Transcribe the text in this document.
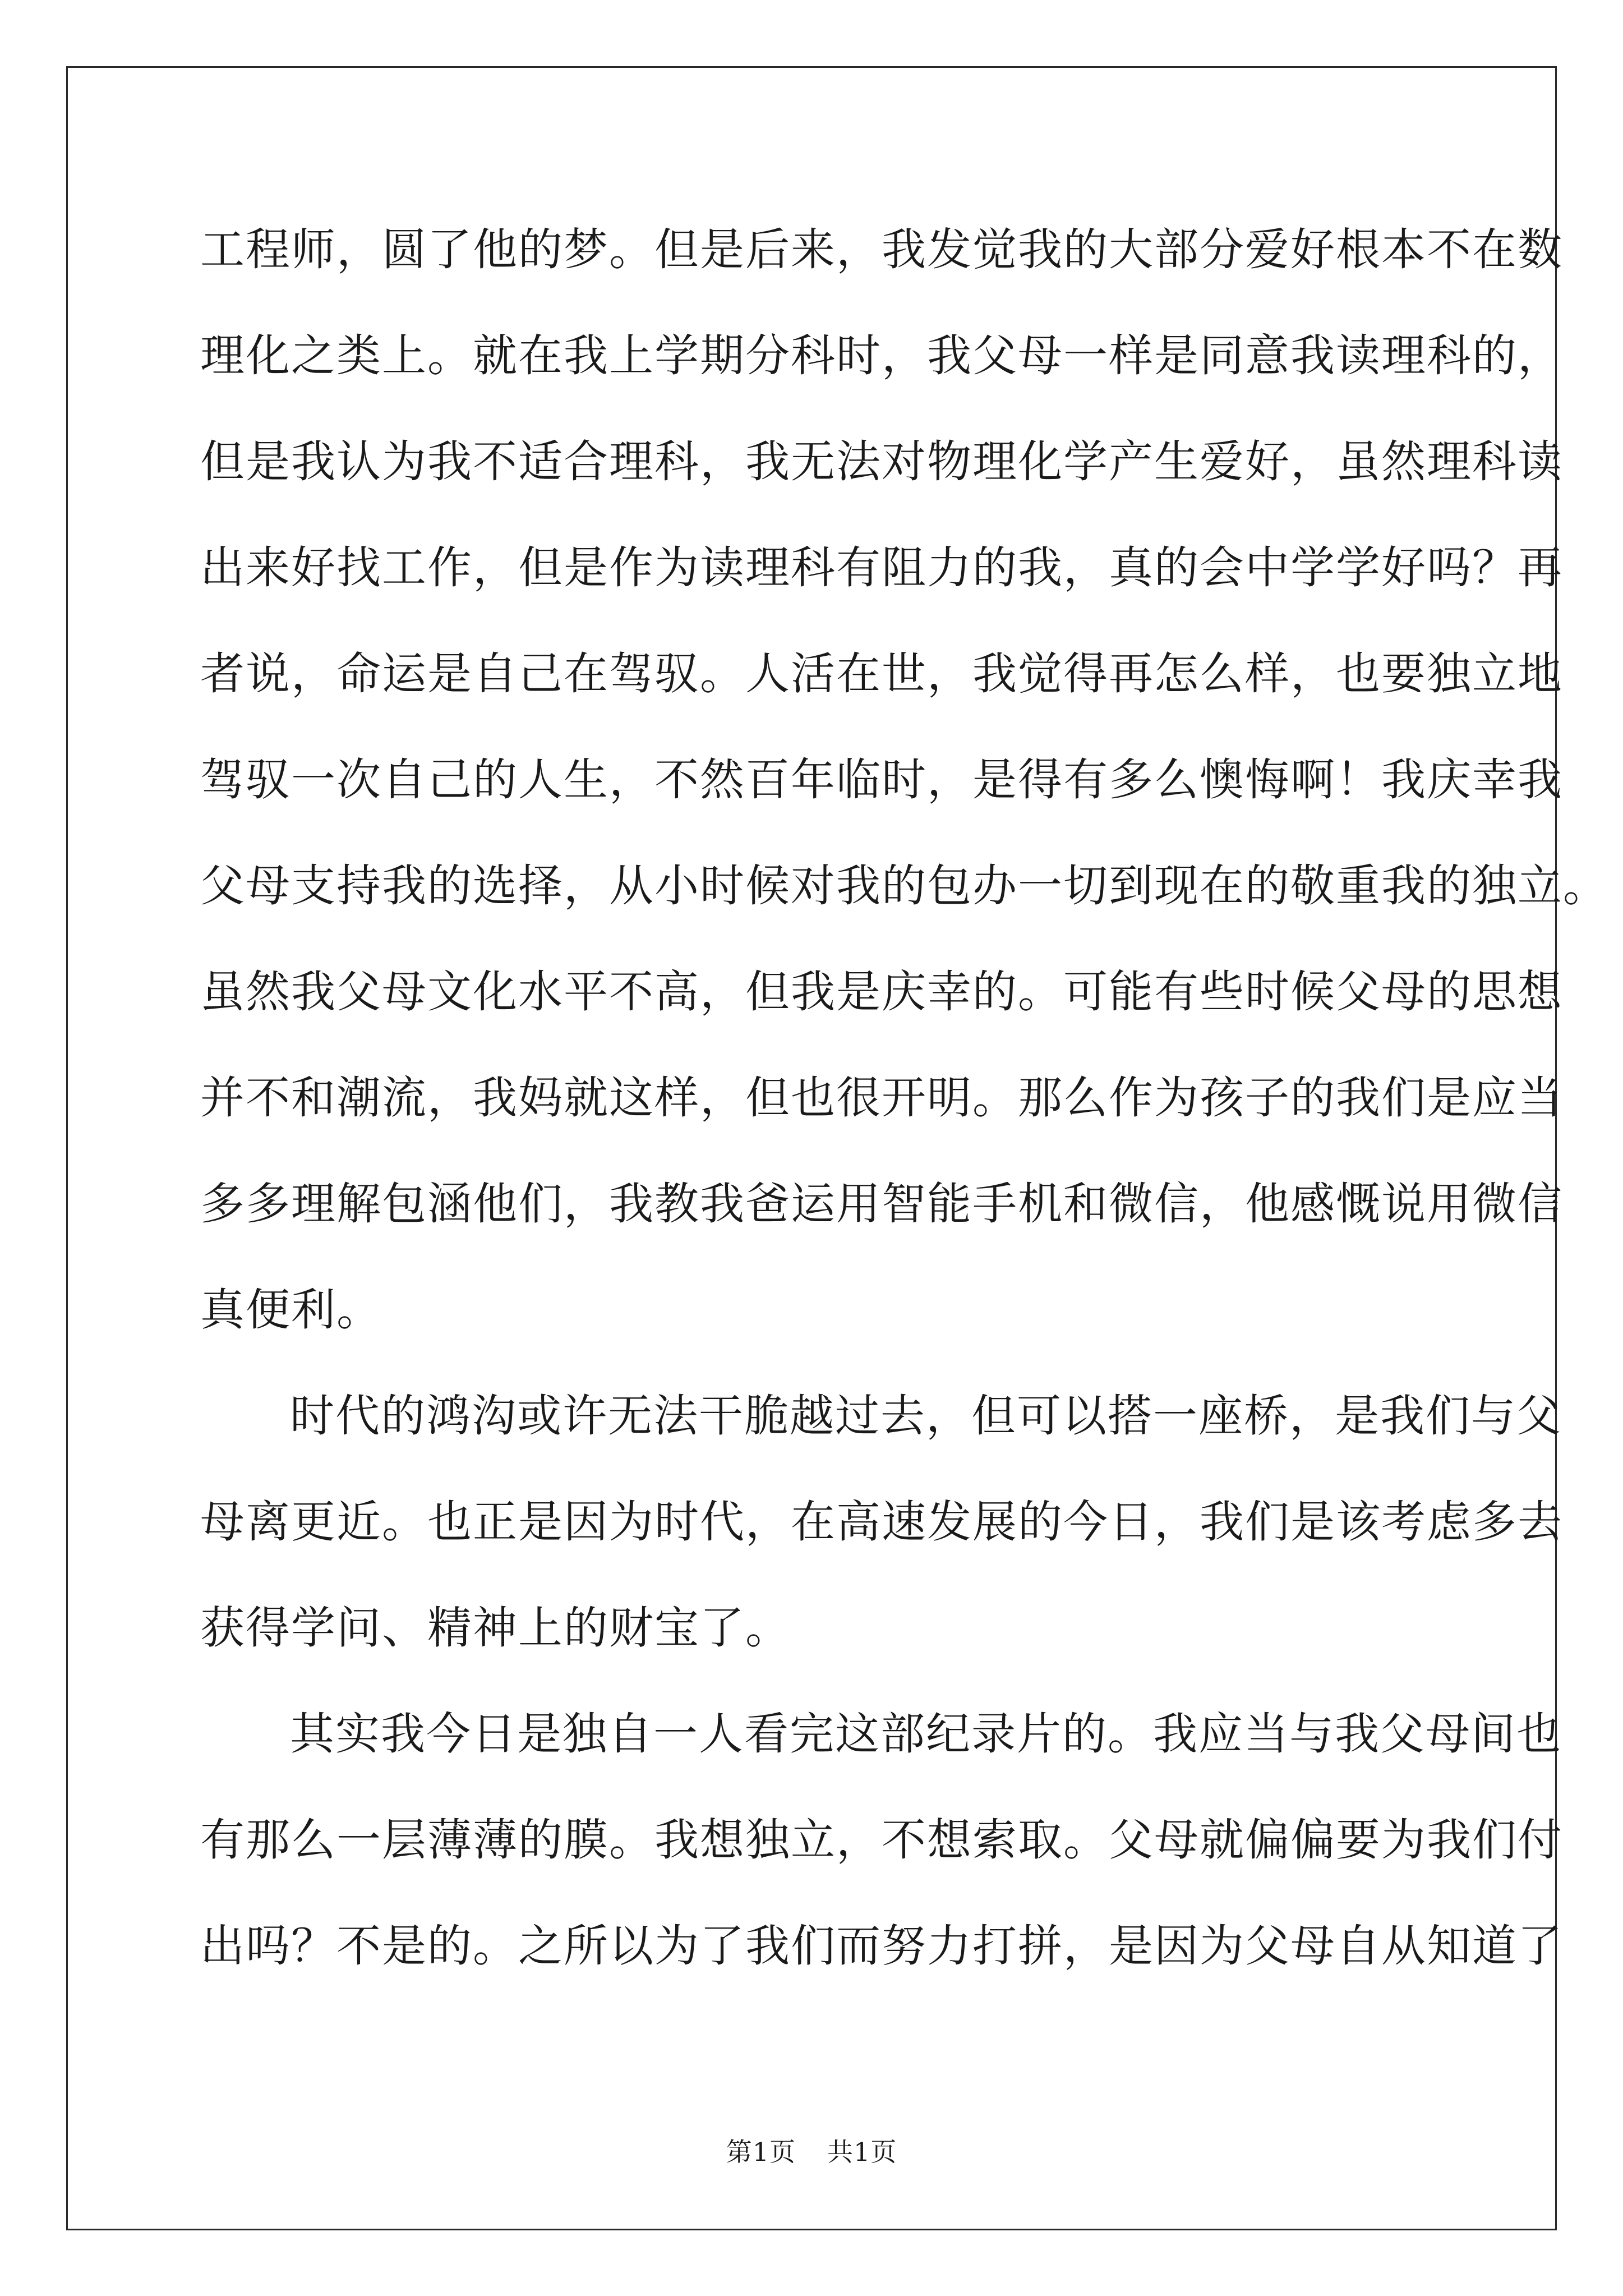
工程师，圆了他的梦。但是后来，我发觉我的大部分爱好根本不在数
理化之类上。就在我上学期分科时，我父母一样是同意我读理科的，
但是我认为我不适合理科，我无法对物理化学产生爱好，虽然理科读
出来好找工作，但是作为读理科有阻力的我，真的会中学学好吗？再
者说，命运是自己在驾驭。人活在世，我觉得再怎么样，也要独立地
驾驭一次自己的人生，不然百年临时，是得有多么懊悔啊！我庆幸我
父母支持我的选择，从小时候对我的包办一切到现在的敬重我的独立。
虽然我父母文化水平不高，但我是庆幸的。可能有些时候父母的思想
并不和潮流，我妈就这样，但也很开明。那么作为孩子的我们是应当
多多理解包涵他们，我教我爸运用智能手机和微信，他感慨说用微信
真便利。
时代的鸿沟或许无法干脆越过去，但可以搭一座桥，是我们与父
母离更近。也正是因为时代，在高速发展的今日，我们是该考虑多去
获得学问、精神上的财宝了。
其实我今日是独自一人看完这部纪录片的。我应当与我父母间也
有那么一层薄薄的膜。我想独立，不想索取。父母就偏偏要为我们付
出吗？不是的。之所以为了我们而努力打拼，是因为父母自从知道了
第1页 共1页
